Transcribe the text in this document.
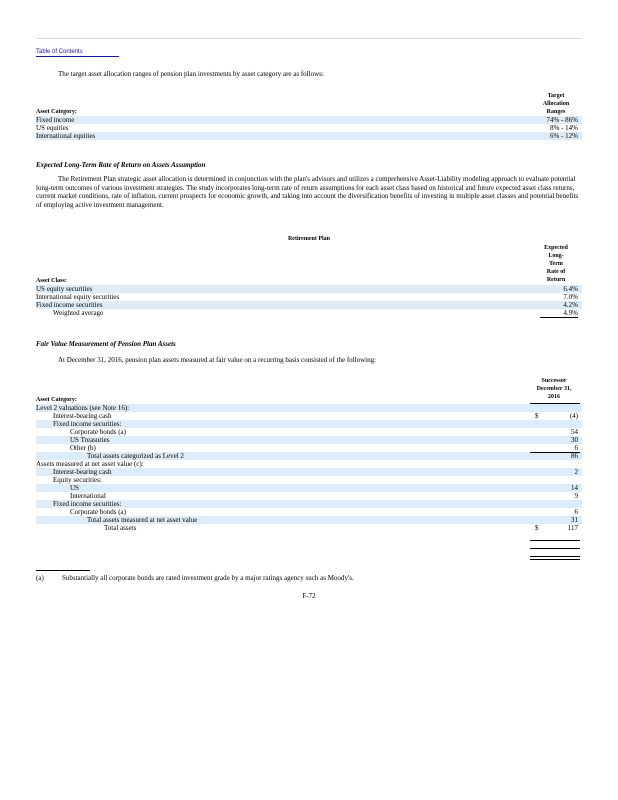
Table of Contents
The target asset allocation ranges of pension plan investments by asset category are as follows:
Target
Allocation
Ranges
Asset Category:
Fixed income	74% - 86%
US equities	8% - 14%
International equities	6% - 12%
Expected Long-Term Rate of Return on Assets Assumption
The Retirement Plan strategic asset allocation is determined in conjunction with the plan's advisors and utilizes a comprehensive Asset-Liability modeling approach to evaluate potential long-term outcomes of various investment strategies. The study incorporates long-term rate of return assumptions for each asset class based on historical and future expected asset class returns, current market conditions, rate of inflation, current prospects for economic growth, and taking into account the diversification benefits of investing in multiple asset classes and potential benefits of employing active investment management.
Retirement Plan
Expected
Long-
Term
Rate of
Return
Asset Class:
US equity securities	6.4%
International equity securities	7.0%
Fixed income securities	4.2%
Weighted average	4.9%
Fair Value Measurement of Pension Plan Assets
At December 31, 2016, pension plan assets measured at fair value on a recurring basis consisted of the following:
Successor
December 31,
2016
Asset Category:
Level 2 valuations (see Note 16):
Interest-bearing cash	$	(4)
Fixed income securities:
Corporate bonds (a)	54
US Treasuries	30
Other (b)	6
Total assets categorized as Level 2	86
Assets measured at net asset value (c):
Interest-bearing cash	2
Equity securities:
US	14
International	9
Fixed income securities:
Corporate bonds (a)	6
Total assets measured at net asset value	31
Total assets	$	117
(a)	Substantially all corporate bonds are rated investment grade by a major ratings agency such as Moody's.
F-72
